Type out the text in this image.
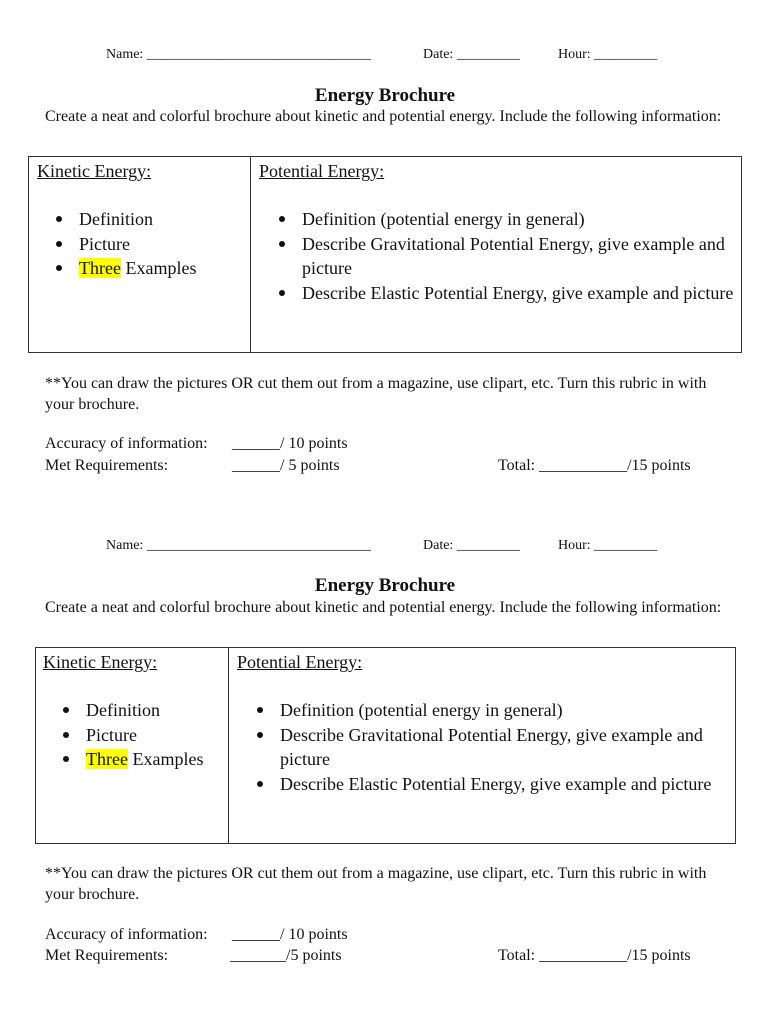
Name: ________________________________	Date: _________	Hour: _________
Energy Brochure
Create a neat and colorful brochure about kinetic and potential energy. Include the following information:
Kinetic Energy:
Definition
Picture
Three Examples
Potential Energy:
Definition (potential energy in general)
Describe Gravitational Potential Energy, give example and picture
Describe Elastic Potential Energy, give example and picture
**You can draw the pictures OR cut them out from a magazine, use clipart, etc. Turn this rubric in with your brochure.
Accuracy of information: ______/ 10 points
Met Requirements:	______/ 5 points	Total: ___________/15 points
Name: ________________________________	Date: _________	Hour: _________
Energy Brochure
Create a neat and colorful brochure about kinetic and potential energy. Include the following information:
Kinetic Energy:
Definition
Picture
Three Examples
Potential Energy:
Definition (potential energy in general)
Describe Gravitational Potential Energy, give example and picture
Describe Elastic Potential Energy, give example and picture
**You can draw the pictures OR cut them out from a magazine, use clipart, etc. Turn this rubric in with your brochure.
Accuracy of information: ______/ 10 points
Met Requirements:	_______/5 points	Total: ___________/15 points
